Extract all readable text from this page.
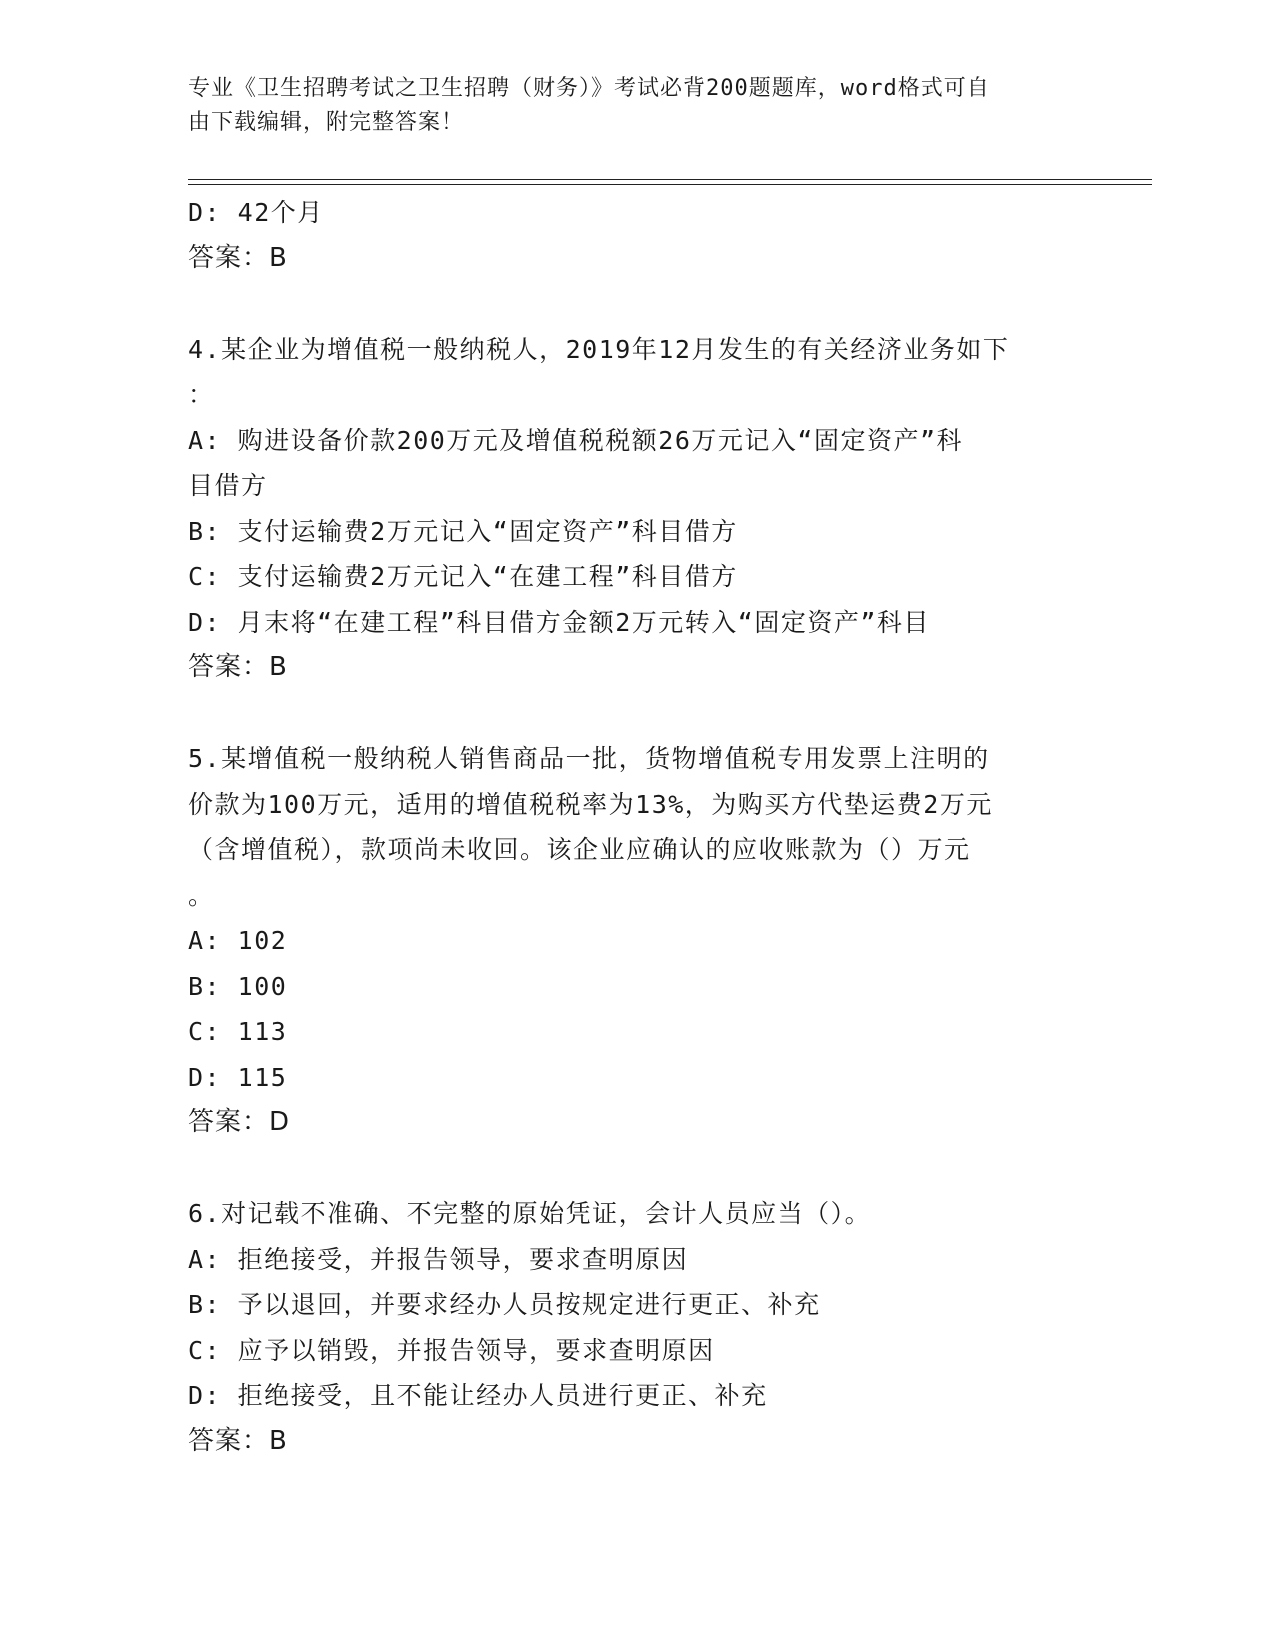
专业《卫生招聘考试之卫生招聘（财务）》考试必背200题题库，word格式可自
由下载编辑，附完整答案！
D: 42个月
答案：B
4.某企业为增值税一般纳税人，2019年12月发生的有关经济业务如下
：
A: 购进设备价款200万元及增值税税额26万元记入“固定资产”科
目借方
B: 支付运输费2万元记入“固定资产”科目借方
C: 支付运输费2万元记入“在建工程”科目借方
D: 月末将“在建工程”科目借方金额2万元转入“固定资产”科目
答案：B
5.某增值税一般纳税人销售商品一批，货物增值税专用发票上注明的
价款为100万元，适用的增值税税率为13%，为购买方代垫运费2万元
（含增值税），款项尚未收回。该企业应确认的应收账款为（）万元
。
A: 102
B: 100
C: 113
D: 115
答案：D
6.对记载不准确、不完整的原始凭证，会计人员应当（）。
A: 拒绝接受，并报告领导，要求查明原因
B: 予以退回，并要求经办人员按规定进行更正、补充
C: 应予以销毁，并报告领导，要求查明原因
D: 拒绝接受，且不能让经办人员进行更正、补充
答案：B
